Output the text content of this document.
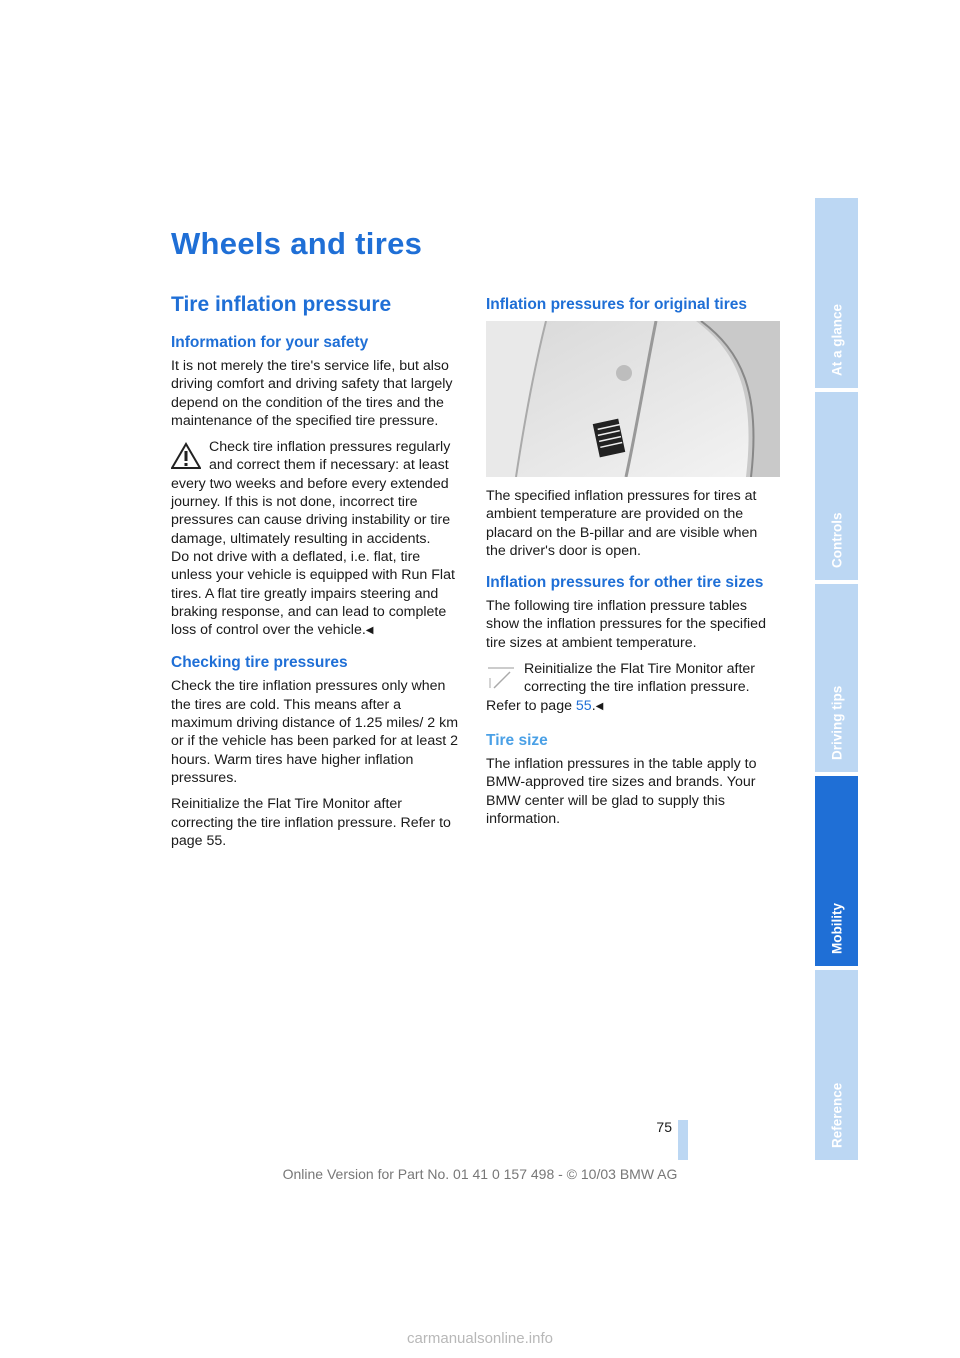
Wheels and tires
Tire inflation pressure
Information for your safety

It is not merely the tire's service life, but also driving comfort and driving safety that largely depend on the condition of the tires and the maintenance of the specified tire pressure.

Check tire inflation pressures regularly and correct them if necessary: at least every two weeks and before every extended journey. If this is not done, incorrect tire pressures can cause driving instability or tire damage, ultimately resulting in accidents.

Do not drive with a deflated, i.e. flat, tire unless your vehicle is equipped with Run Flat tires. A flat tire greatly impairs steering and braking response, and can lead to complete loss of control over the vehicle.◀

Checking tire pressures

Check the tire inflation pressures only when the tires are cold. This means after a maximum driving distance of 1.25 miles/ 2 km or if the vehicle has been parked for at least 2 hours. Warm tires have higher inflation pressures.

Reinitialize the Flat Tire Monitor after correcting the tire inflation pressure. Refer to page 55.

Inflation pressures for original tires

The specified inflation pressures for tires at ambient temperature are provided on the placard on the B-pillar and are visible when the driver's door is open.

Inflation pressures for other tire sizes

The following tire inflation pressure tables show the inflation pressures for the specified tire sizes at ambient temperature.

Reinitialize the Flat Tire Monitor after correcting the tire inflation pressure. Refer to page 55.◀

Tire size

The inflation pressures in the table apply to BMW-approved tire sizes and brands. Your BMW center will be glad to supply this information.

At a glance
Controls
Driving tips
Mobility
Reference
75
Online Version for Part No. 01 41 0 157 498 - © 10/03 BMW AG
carmanualsonline.info
